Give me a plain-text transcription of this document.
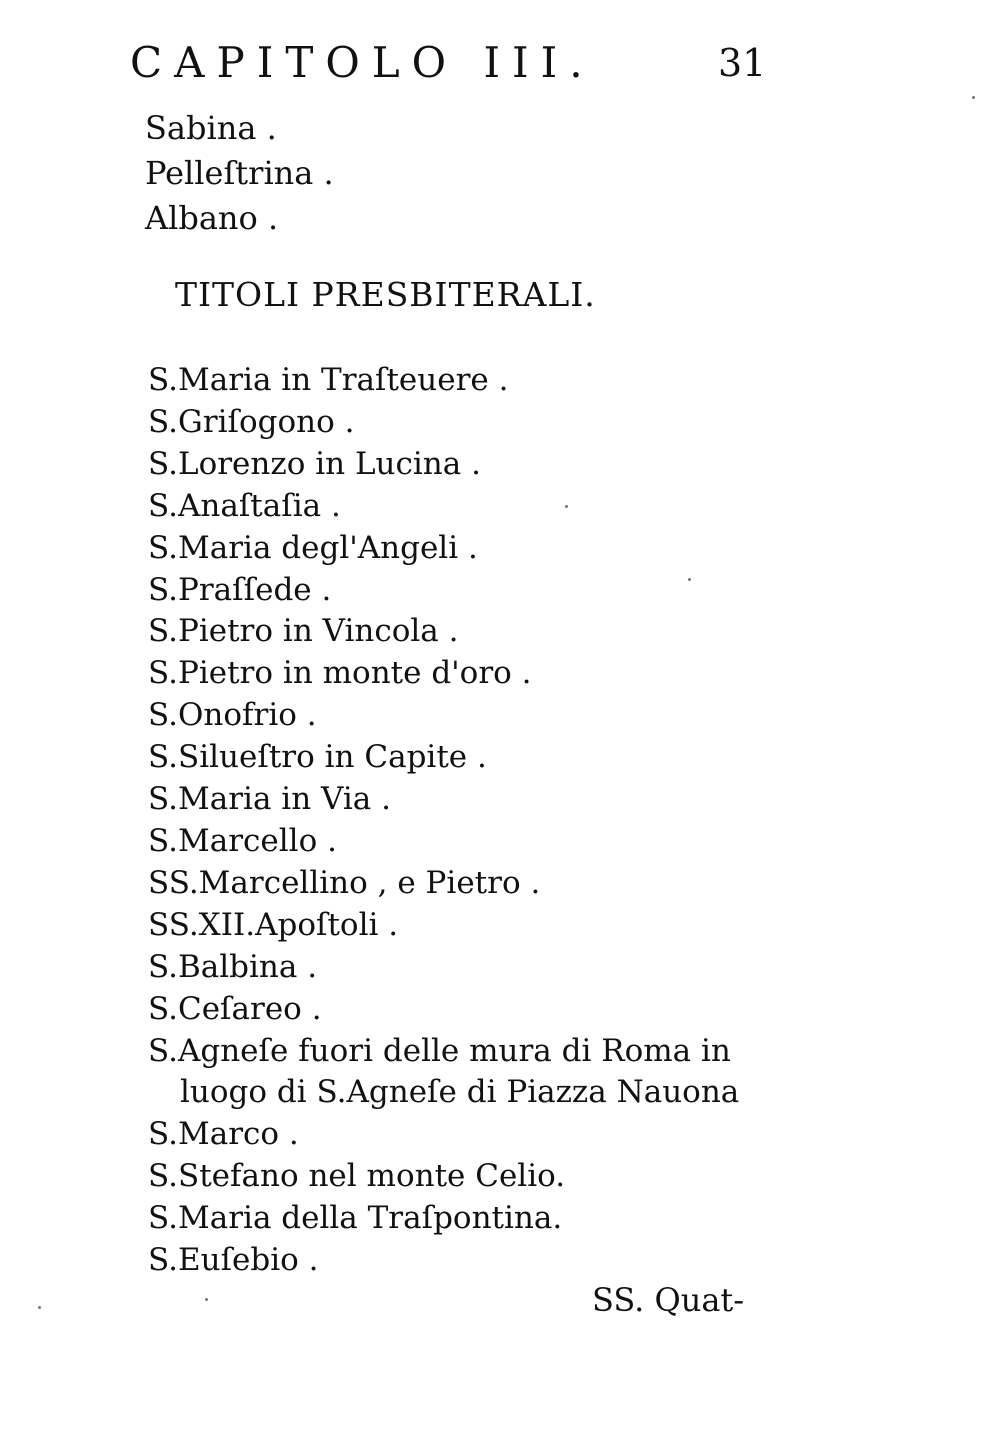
CAPITOLO III.	31
Sabina .
Pelleſtrina .
Albano .
TITOLI PRESBITERALI.
S.Maria in Traſteuere .
S.Griſogono .
S.Lorenzo in Lucina .
S.Anaſtaſia .
S.Maria degl'Angeli .
S.Praſſede .
S.Pietro in Vincola .
S.Pietro in monte d'oro .
S.Onofrio .
S.Silueſtro in Capite .
S.Maria in Via .
S.Marcello .
SS.Marcellino , e Pietro .
SS.XII.Apoſtoli .
S.Balbina .
S.Ceſareo .
S.Agneſe fuori delle mura di Roma in
luogo di S.Agneſe di Piazza Nauona
S.Marco .
S.Stefano nel monte Celio.
S.Maria della Traſpontina.
S.Euſebio .
SS. Quat-
